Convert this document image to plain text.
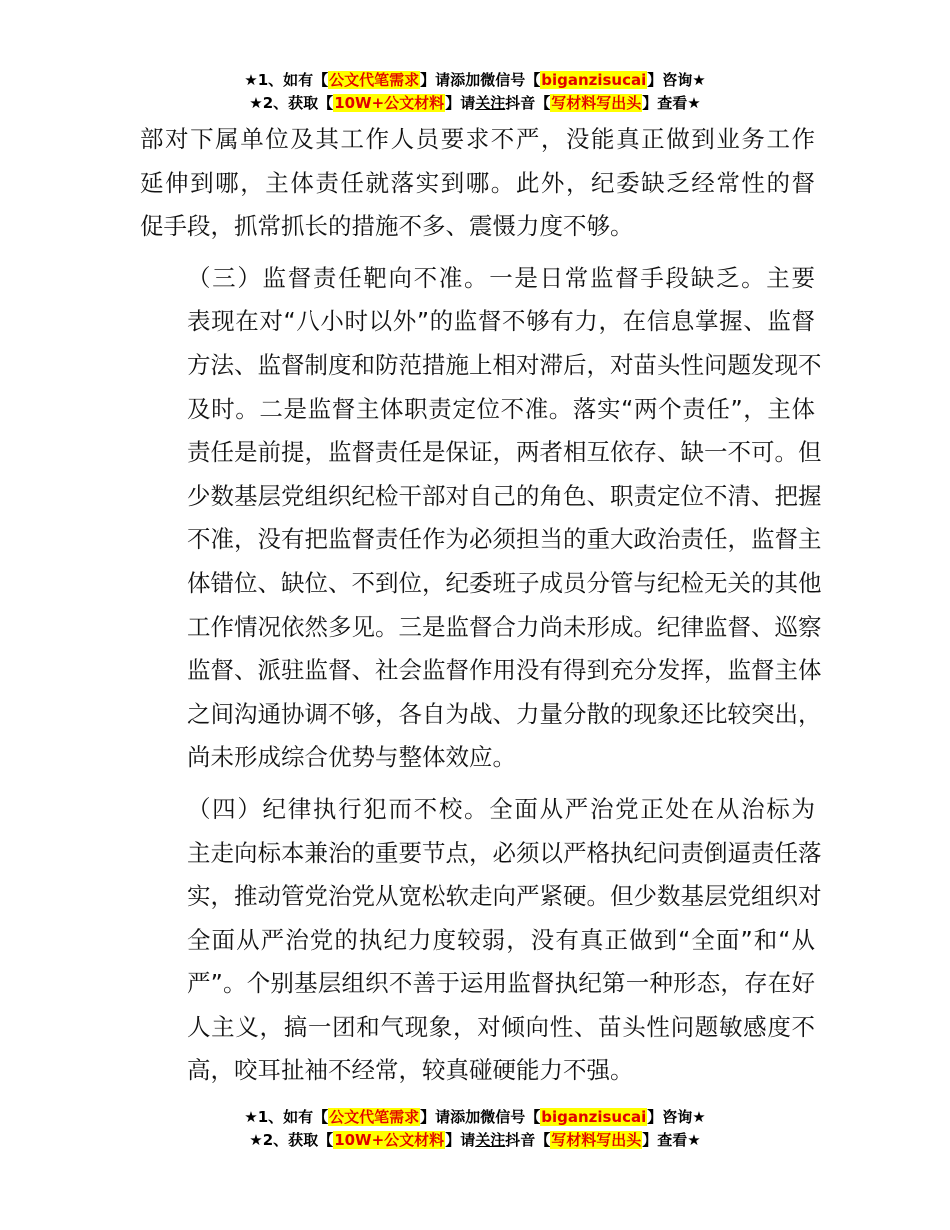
★1、如有【公文代笔需求】请添加微信号【biganzisucai】咨询★
★2、获取【10W+公文材料】请关注抖音【写材料写出头】查看★
部对下属单位及其工作人员要求不严，没能真正做到业务工作
延伸到哪，主体责任就落实到哪。此外，纪委缺乏经常性的督
促手段，抓常抓长的措施不多、震慑力度不够。
（三）监督责任靶向不准。一是日常监督手段缺乏。主要
表现在对“八小时以外”的监督不够有力，在信息掌握、监督
方法、监督制度和防范措施上相对滞后，对苗头性问题发现不
及时。二是监督主体职责定位不准。落实“两个责任”，主体
责任是前提，监督责任是保证，两者相互依存、缺一不可。但
少数基层党组织纪检干部对自己的角色、职责定位不清、把握
不准，没有把监督责任作为必须担当的重大政治责任，监督主
体错位、缺位、不到位，纪委班子成员分管与纪检无关的其他
工作情况依然多见。三是监督合力尚未形成。纪律监督、巡察
监督、派驻监督、社会监督作用没有得到充分发挥，监督主体
之间沟通协调不够，各自为战、力量分散的现象还比较突出，
尚未形成综合优势与整体效应。
（四）纪律执行犯而不校。全面从严治党正处在从治标为
主走向标本兼治的重要节点，必须以严格执纪问责倒逼责任落
实，推动管党治党从宽松软走向严紧硬。但少数基层党组织对
全面从严治党的执纪力度较弱，没有真正做到“全面”和“从
严”。个别基层组织不善于运用监督执纪第一种形态，存在好
人主义，搞一团和气现象，对倾向性、苗头性问题敏感度不
高，咬耳扯袖不经常，较真碰硬能力不强。
★1、如有【公文代笔需求】请添加微信号【biganzisucai】咨询★
★2、获取【10W+公文材料】请关注抖音【写材料写出头】查看★
